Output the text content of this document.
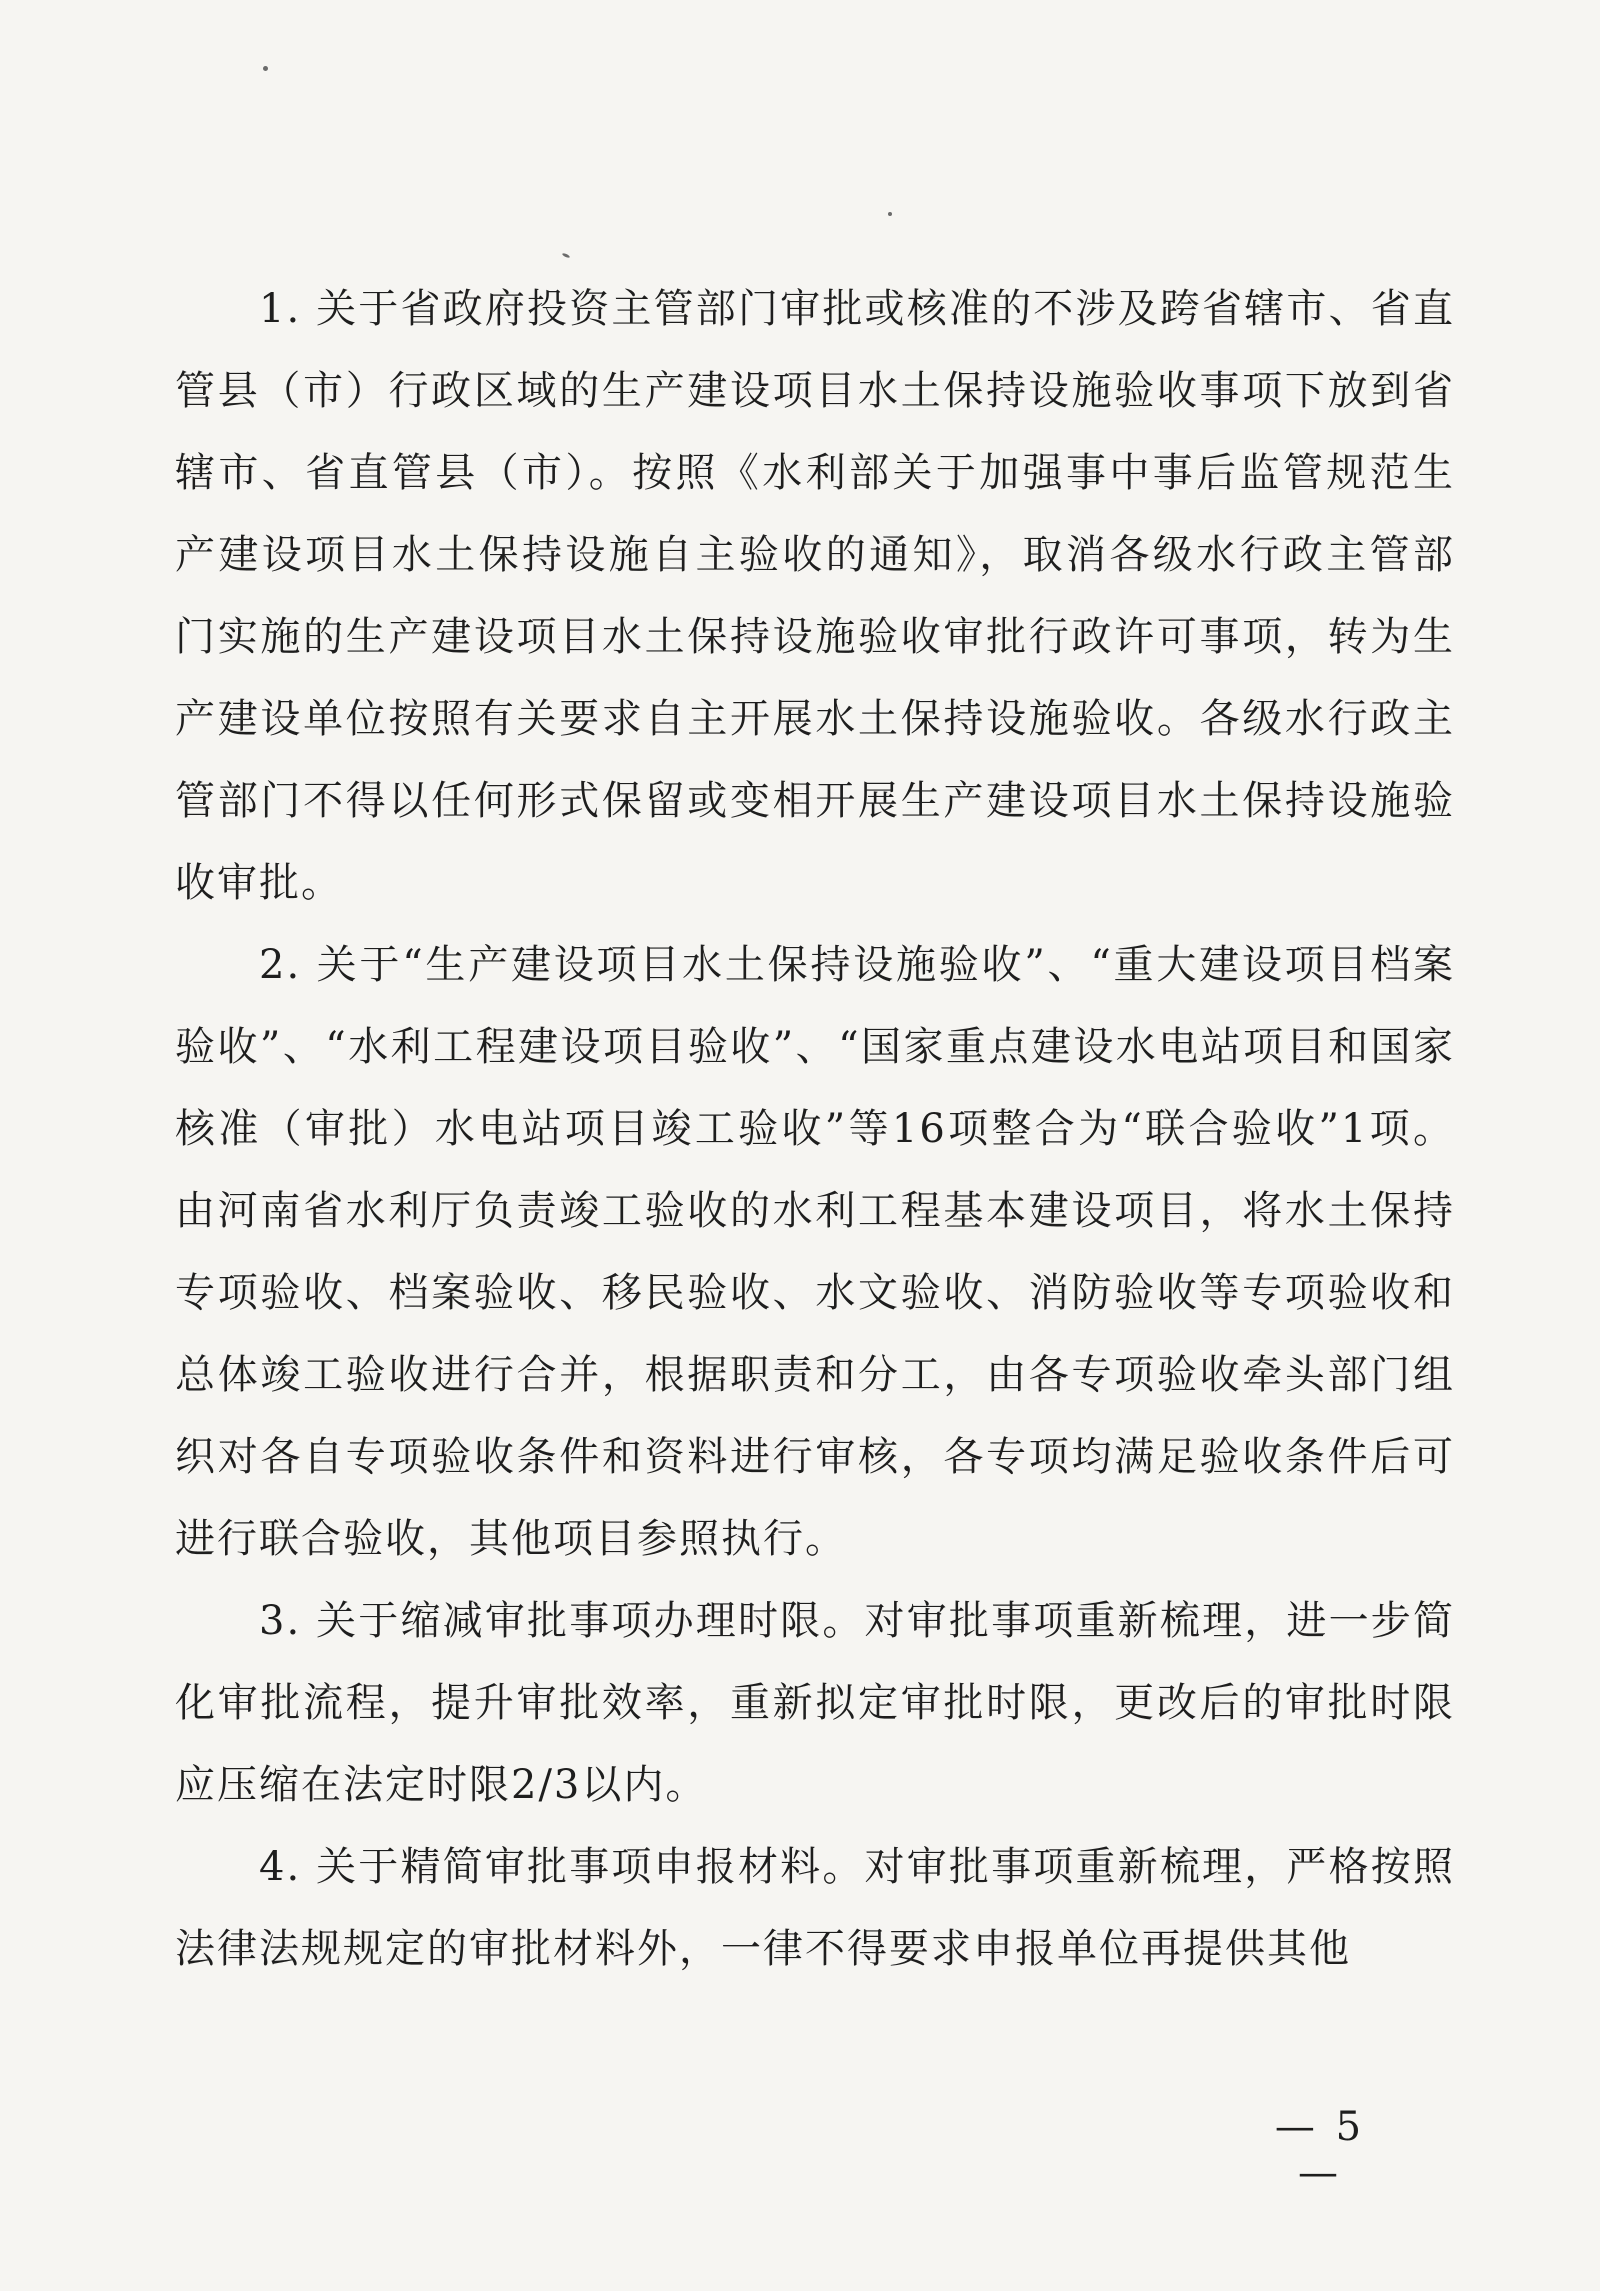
1. 关于省政府投资主管部门审批或核准的不涉及跨省辖市、省直管县（市）行政区域的生产建设项目水土保持设施验收事项下放到省辖市、省直管县（市）。按照《水利部关于加强事中事后监管规范生产建设项目水土保持设施自主验收的通知》，取消各级水行政主管部门实施的生产建设项目水土保持设施验收审批行政许可事项，转为生产建设单位按照有关要求自主开展水土保持设施验收。各级水行政主管部门不得以任何形式保留或变相开展生产建设项目水土保持设施验收审批。

2. 关于“生产建设项目水土保持设施验收”、“重大建设项目档案验收”、“水利工程建设项目验收”、“国家重点建设水电站项目和国家核准（审批）水电站项目竣工验收”等16项整合为“联合验收”1项。由河南省水利厅负责竣工验收的水利工程基本建设项目，将水土保持专项验收、档案验收、移民验收、水文验收、消防验收等专项验收和总体竣工验收进行合并，根据职责和分工，由各专项验收牵头部门组织对各自专项验收条件和资料进行审核，各专项均满足验收条件后可进行联合验收，其他项目参照执行。

3. 关于缩减审批事项办理时限。对审批事项重新梳理，进一步简化审批流程，提升审批效率，重新拟定审批时限，更改后的审批时限应压缩在法定时限2/3以内。

4. 关于精简审批事项申报材料。对审批事项重新梳理，严格按照法律法规规定的审批材料外，一律不得要求申报单位再提供其他

— 5 —
